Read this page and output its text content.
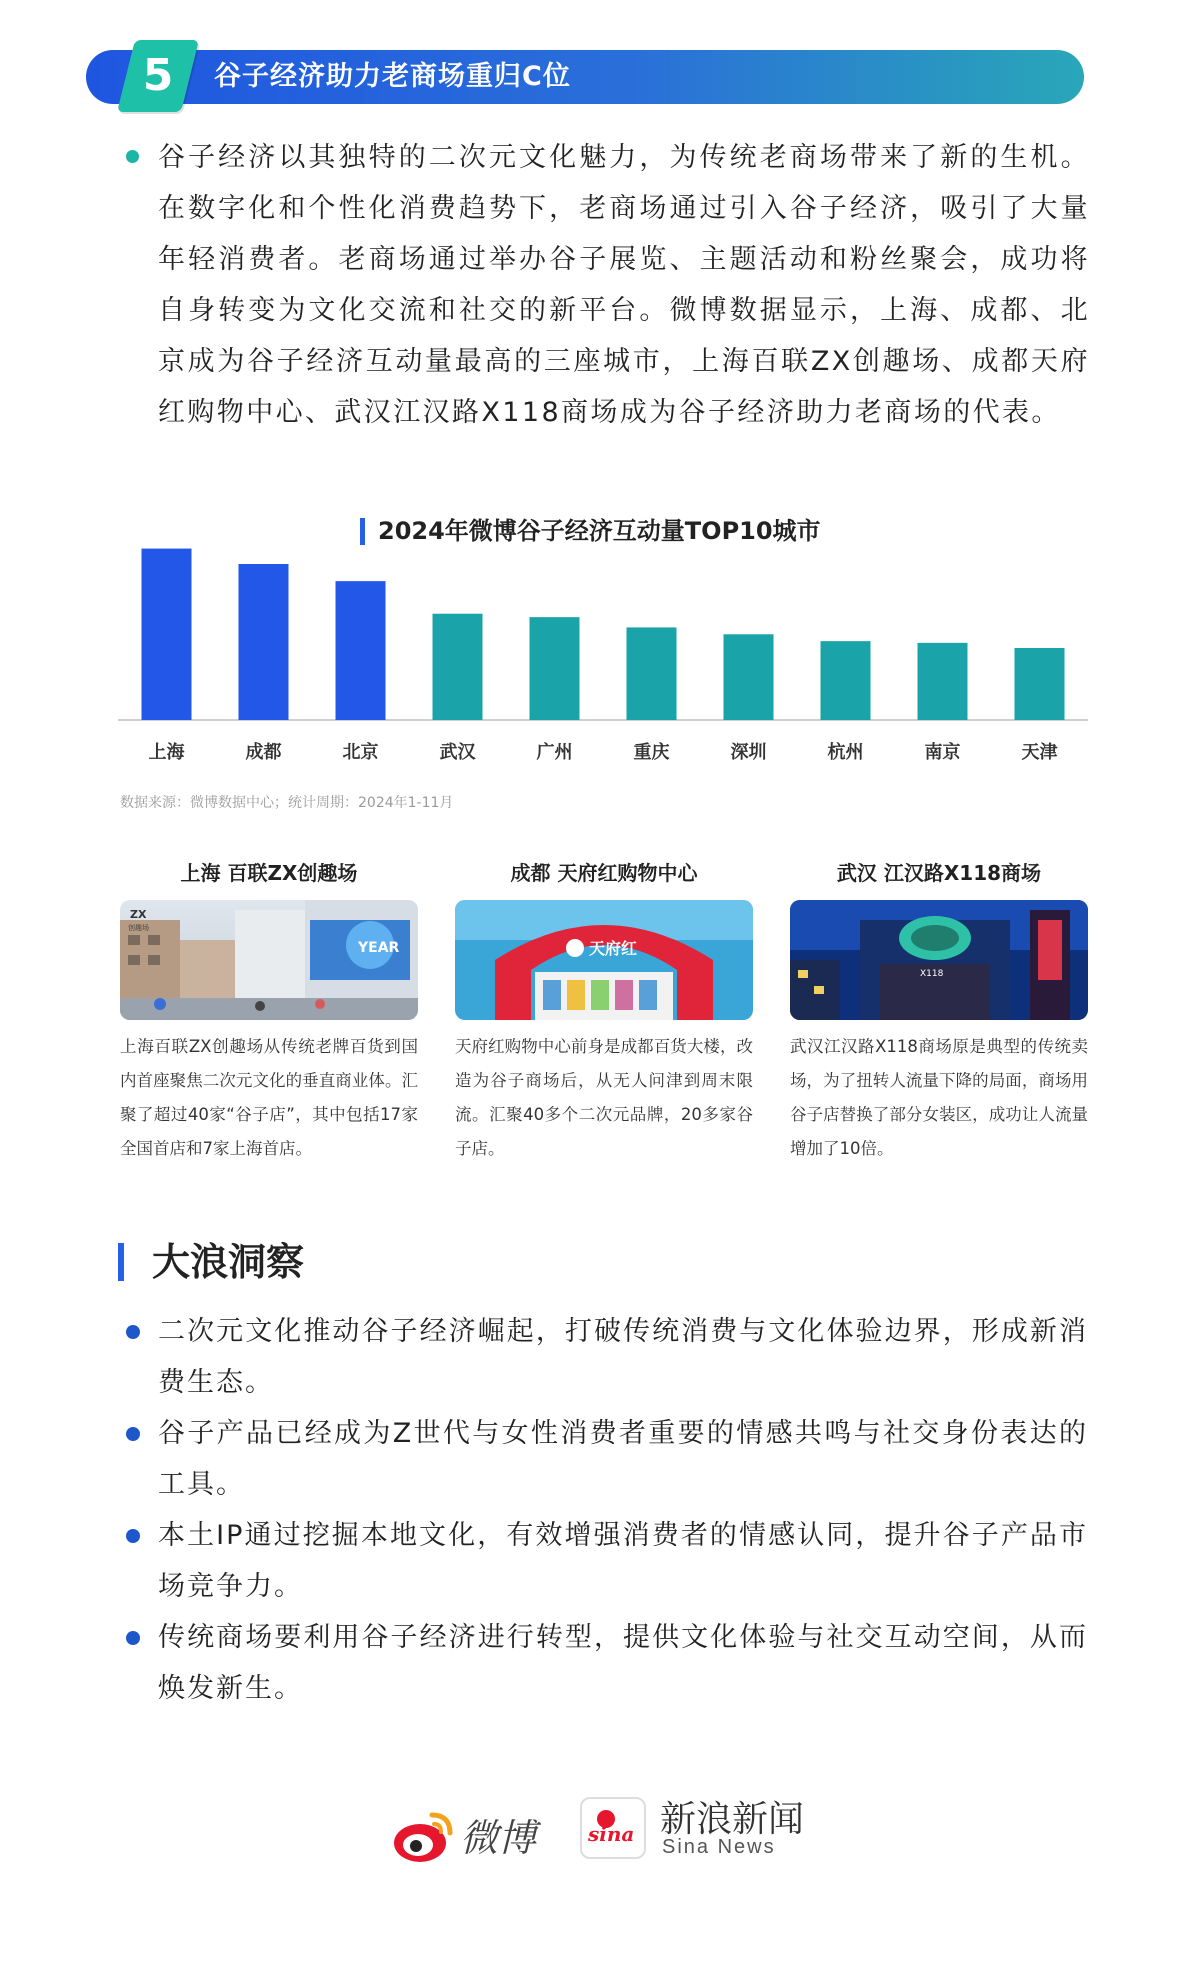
5	谷子经济助力老商场重归C位

谷子经济以其独特的二次元文化魅力，为传统老商场带来了新的生机。在数字化和个性化消费趋势下，老商场通过引入谷子经济，吸引了大量年轻消费者。老商场通过举办谷子展览、主题活动和粉丝聚会，成功将自身转变为文化交流和社交的新平台。微博数据显示，上海、成都、北京成为谷子经济互动量最高的三座城市，上海百联ZX创趣场、成都天府红购物中心、武汉江汉路X118商场成为谷子经济助力老商场的代表。

2024年微博谷子经济互动量TOP10城市
上海	成都	北京	武汉	广州	重庆	深圳	杭州	南京	天津
数据来源：微博数据中心；统计周期：2024年1-11月
上海 百联ZX创趣场
YEAR
ZX
创趣场
上海百联ZX创趣场从传统老牌百货到国内首座聚焦二次元文化的垂直商业体。汇聚了超过40家“谷子店”，其中包括17家全国首店和7家上海首店。
成都 天府红购物中心
天府红
天府红购物中心前身是成都百货大楼，改造为谷子商场后，从无人问津到周末限流。汇聚40多个二次元品牌，20多家谷子店。
武汉 江汉路X118商场
X118
武汉江汉路X118商场原是典型的传统卖场，为了扭转人流量下降的局面，商场用谷子店替换了部分女装区，成功让人流量增加了10倍。
大浪洞察

二次元文化推动谷子经济崛起，打破传统消费与文化体验边界，形成新消费生态。

谷子产品已经成为Z世代与女性消费者重要的情感共鸣与社交身份表达的工具。

本土IP通过挖掘本地文化，有效增强消费者的情感认同，提升谷子产品市场竞争力。

传统商场要利用谷子经济进行转型，提供文化体验与社交互动空间，从而焕发新生。

微博	sina 新浪新闻
Sina News
